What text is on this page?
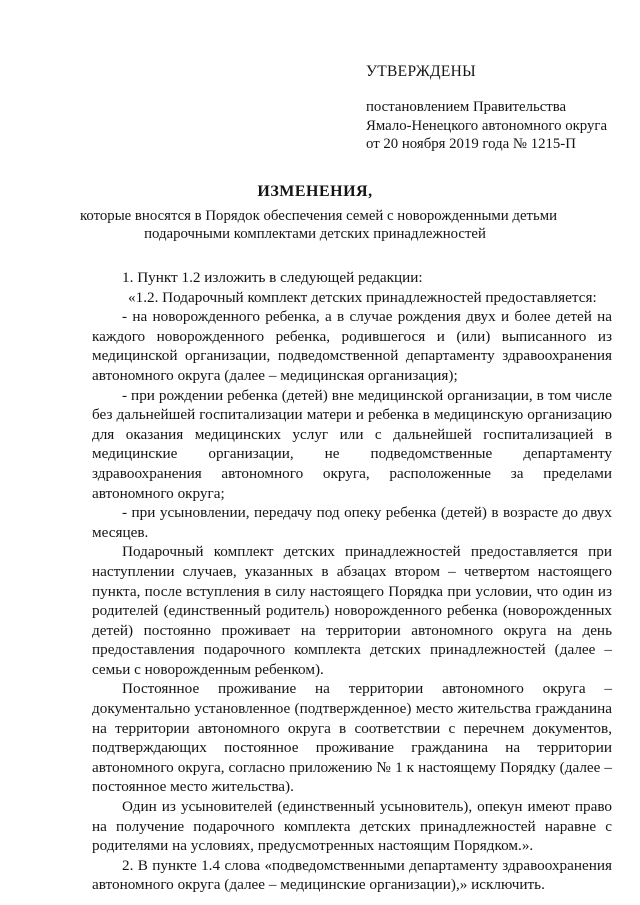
УТВЕРЖДЕНЫ
постановлением Правительства
Ямало-Ненецкого автономного округа
от 20 ноября 2019 года № 1215-П
ИЗМЕНЕНИЯ,
которые вносятся в Порядок обеспечения семей с новорожденными детьми
подарочными комплектами детских принадлежностей
1. Пункт 1.2 изложить в следующей редакции:
«1.2. Подарочный комплект детских принадлежностей предоставляется:
- на новорожденного ребенка, а в случае рождения двух и более детей на каждого новорожденного ребенка, родившегося и (или) выписанного из медицинской организации, подведомственной департаменту здравоохранения автономного округа (далее – медицинская организация);
- при рождении ребенка (детей) вне медицинской организации, в том числе без дальнейшей госпитализации матери и ребенка в медицинскую организацию для оказания медицинских услуг или с дальнейшей госпитализацией в медицинские организации, не подведомственные департаменту здравоохранения автономного округа, расположенные за пределами автономного округа;
- при усыновлении, передачу под опеку ребенка (детей) в возрасте до двух месяцев.
Подарочный комплект детских принадлежностей предоставляется при наступлении случаев, указанных в абзацах втором – четвертом настоящего пункта, после вступления в силу настоящего Порядка при условии, что один из родителей (единственный родитель) новорожденного ребенка (новорожденных детей) постоянно проживает на территории автономного округа на день предоставления подарочного комплекта детских принадлежностей (далее – семьи с новорожденным ребенком).
Постоянное проживание на территории автономного округа – документально установленное (подтвержденное) место жительства гражданина на территории автономного округа в соответствии с перечнем документов, подтверждающих постоянное проживание гражданина на территории автономного округа, согласно приложению № 1 к настоящему Порядку (далее – постоянное место жительства).
Один из усыновителей (единственный усыновитель), опекун имеют право на получение подарочного комплекта детских принадлежностей наравне с родителями на условиях, предусмотренных настоящим Порядком.».
2. В пункте 1.4 слова «подведомственными департаменту здравоохранения автономного округа (далее – медицинские организации),» исключить.
